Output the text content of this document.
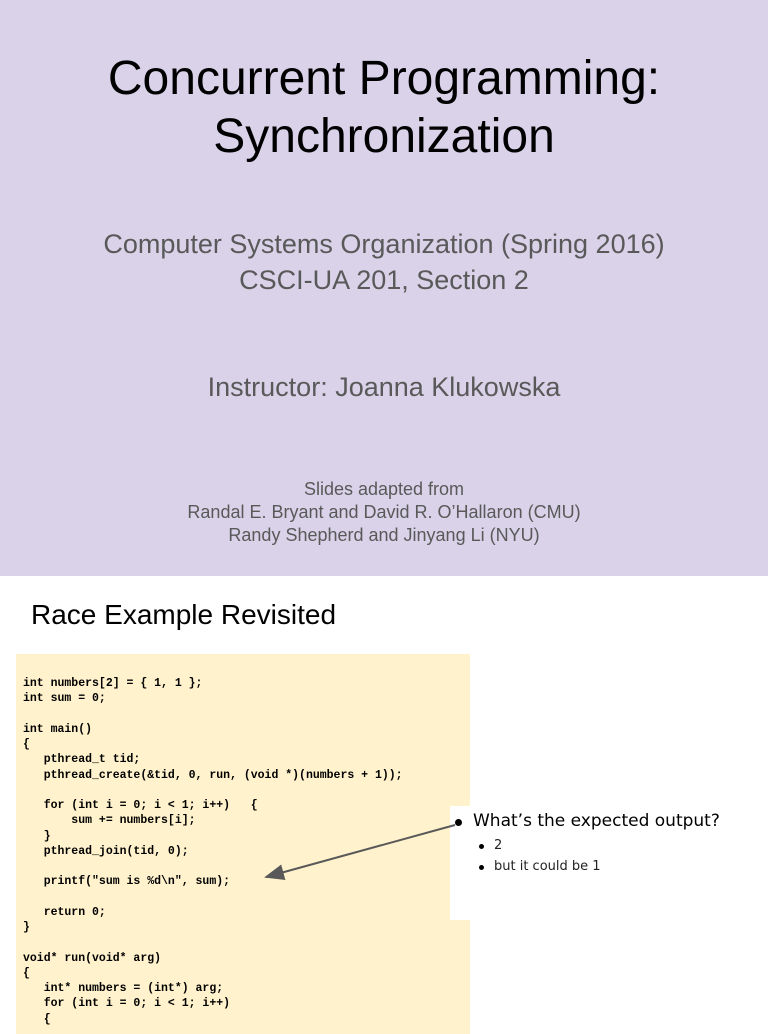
Concurrent Programming:
Synchronization
Computer Systems Organization (Spring 2016)
CSCI-UA 201, Section 2
Instructor: Joanna Klukowska
Slides adapted from
Randal E. Bryant and David R. O’Hallaron (CMU)
Randy Shepherd and Jinyang Li (NYU)
Race Example Revisited
int numbers[2] = { 1, 1 };
int sum = 0;

int main()
{
pthread_t tid;
pthread_create(&tid, 0, run, (void *)(numbers + 1));

for (int i = 0; i < 1; i++)   {
sum += numbers[i];
}
pthread_join(tid, 0);

printf("sum is %d\n", sum);

return 0;
}

void* run(void* arg)
{
int* numbers = (int*) arg;
for (int i = 0; i < 1; i++)
{
What’s the expected output?
2
but it could be 1
